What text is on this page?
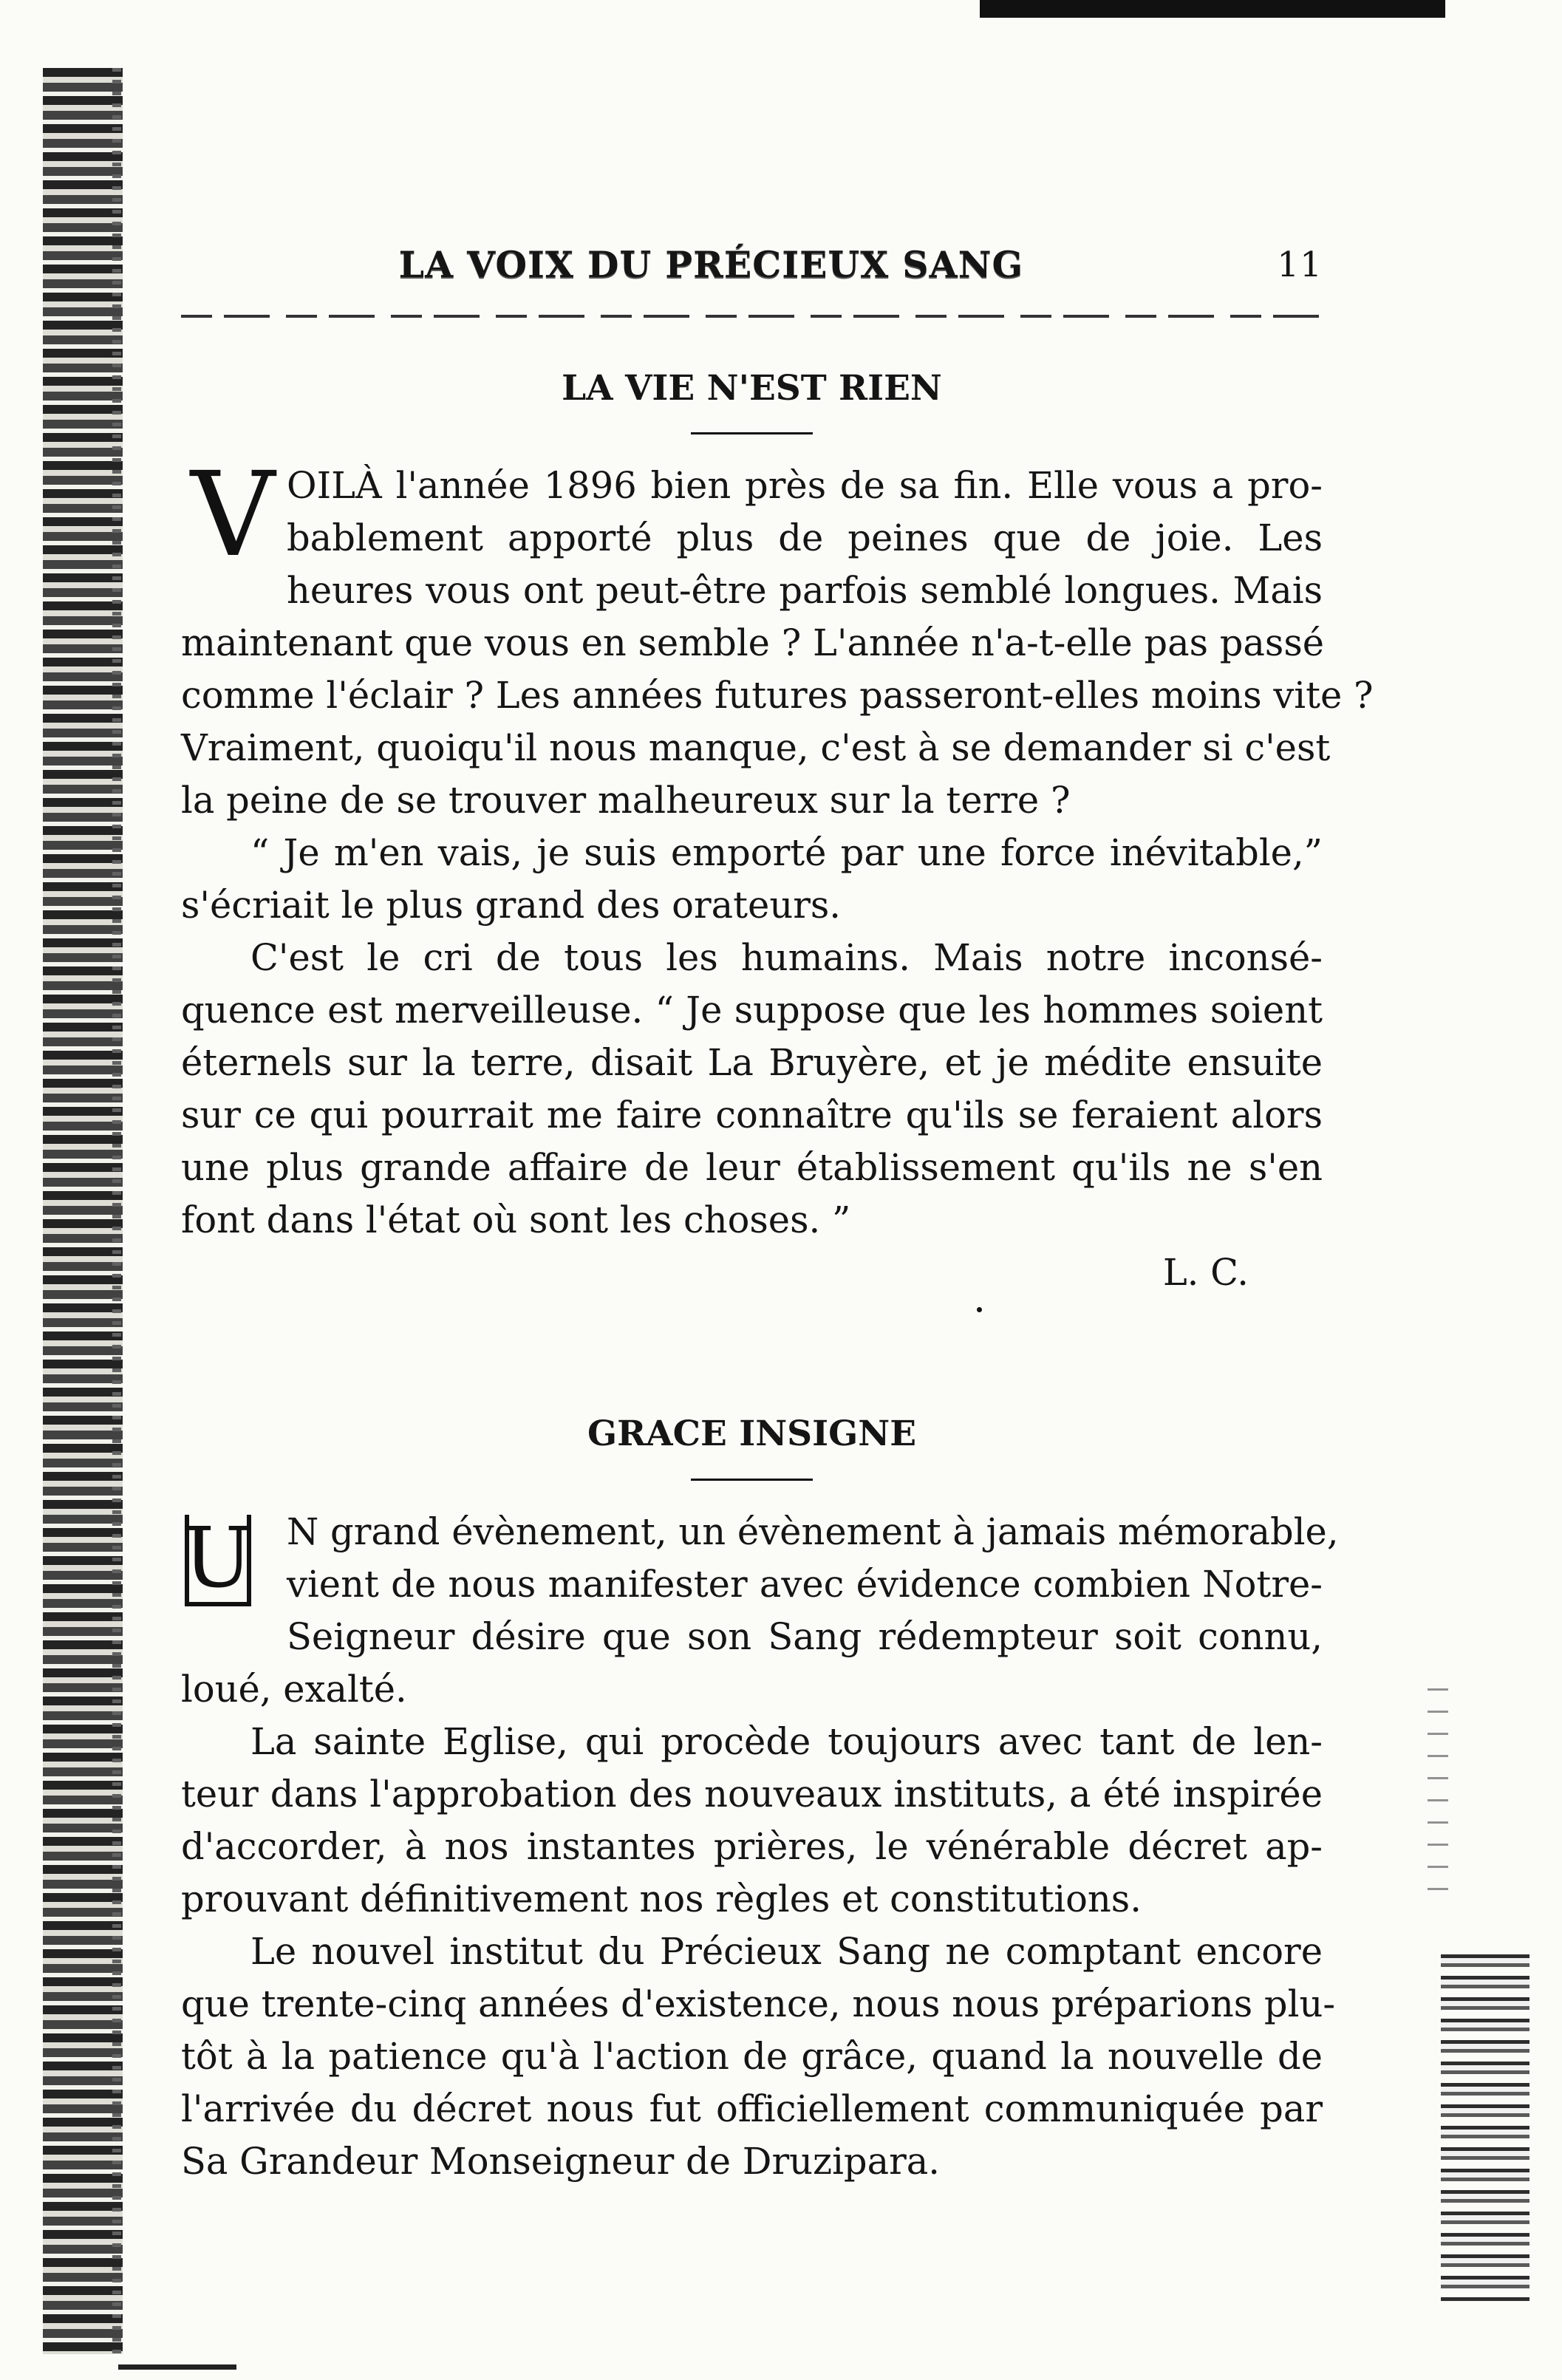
LA VOIX DU PRÉCIEUX SANG	11
LA VIE N'EST RIEN
V OILÀ l'année 1896 bien près de sa fin. Elle vous a pro-
bablement apporté plus de peines que de joie. Les
heures vous ont peut-être parfois semblé longues. Mais
maintenant que vous en semble ? L'année n'a-t-elle pas passé
comme l'éclair ? Les années futures passeront-elles moins vite ?
Vraiment, quoiqu'il nous manque, c'est à se demander si c'est
la peine de se trouver malheureux sur la terre ?
“ Je m'en vais, je suis emporté par une force inévitable,”
s'écriait le plus grand des orateurs.
C'est le cri de tous les humains. Mais notre inconsé-
quence est merveilleuse. “ Je suppose que les hommes soient
éternels sur la terre, disait La Bruyère, et je médite ensuite
sur ce qui pourrait me faire connaître qu'ils se feraient alors
une plus grande affaire de leur établissement qu'ils ne s'en
font dans l'état où sont les choses. ”
L. C.
GRACE INSIGNE
U N grand évènement, un évènement à jamais mémorable,
vient de nous manifester avec évidence combien Notre-
Seigneur désire que son Sang rédempteur soit connu,
loué, exalté.
La sainte Eglise, qui procède toujours avec tant de len-
teur dans l'approbation des nouveaux instituts, a été inspirée
d'accorder, à nos instantes prières, le vénérable décret ap-
prouvant définitivement nos règles et constitutions.
Le nouvel institut du Précieux Sang ne comptant encore
que trente-cinq années d'existence, nous nous préparions plu-
tôt à la patience qu'à l'action de grâce, quand la nouvelle de
l'arrivée du décret nous fut officiellement communiquée par
Sa Grandeur Monseigneur de Druzipara.
